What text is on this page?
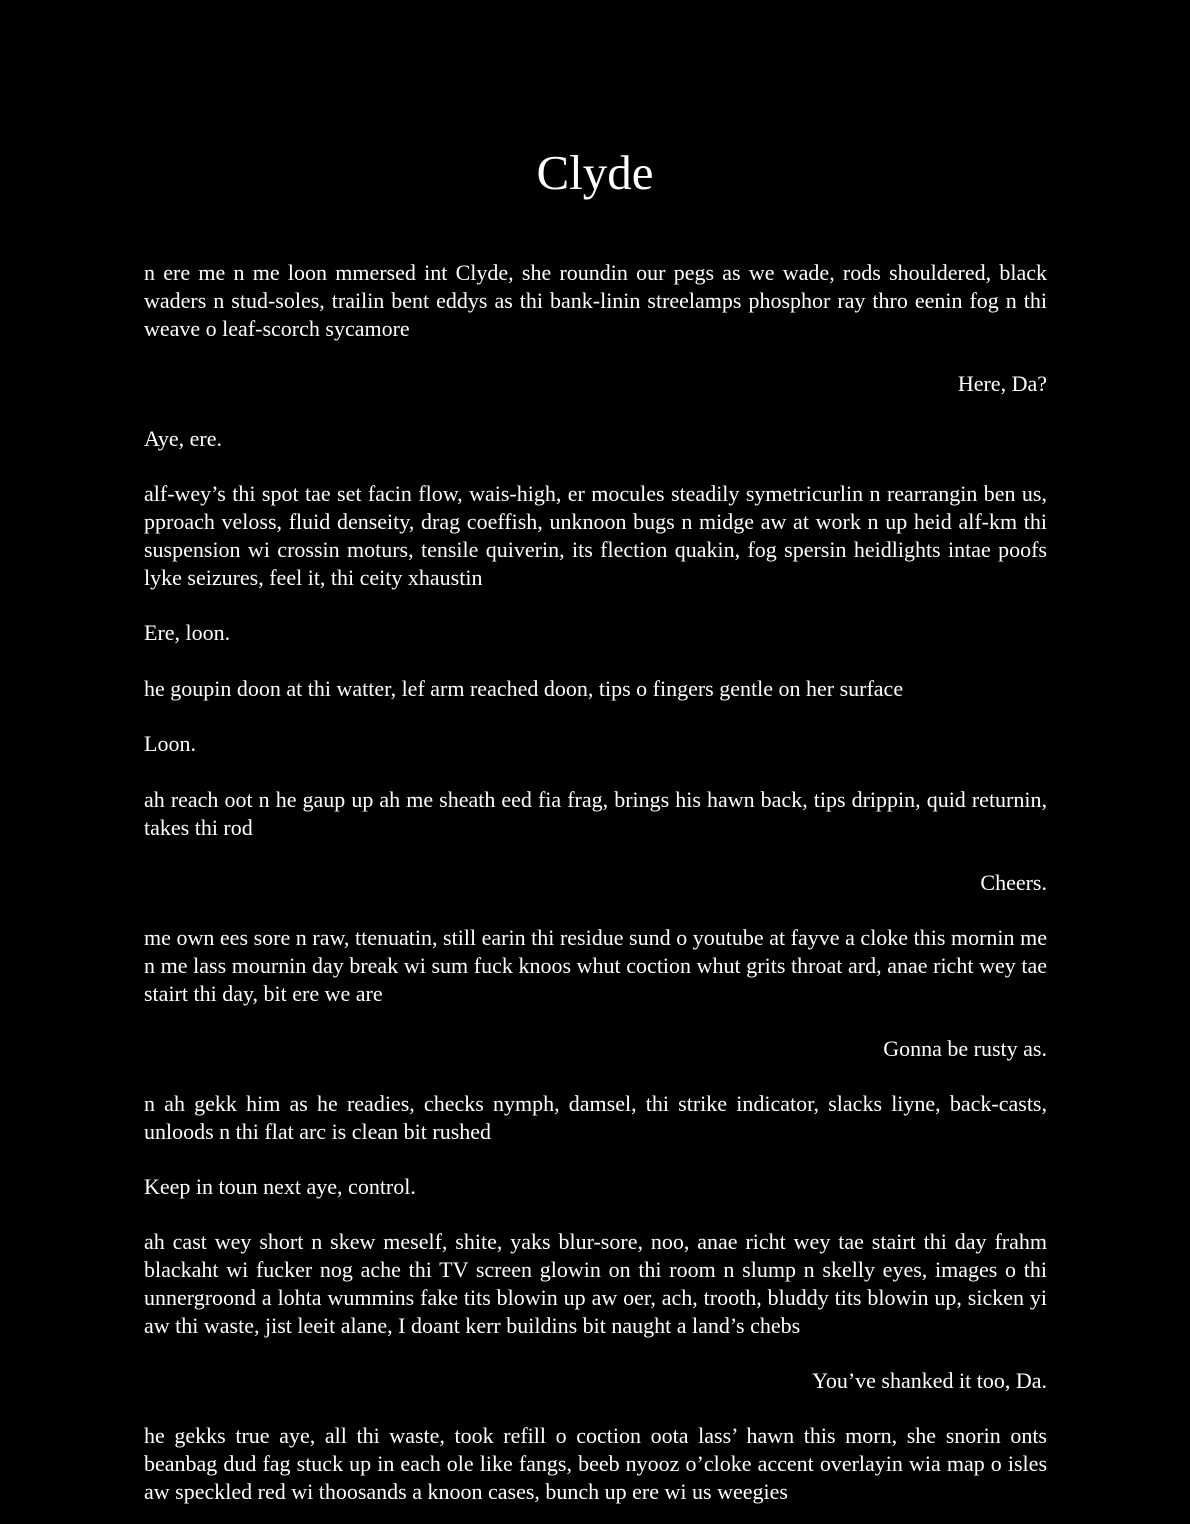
Clyde

n ere me n me loon mmersed int Clyde, she roundin our pegs as we wade, rods shouldered, black waders n stud-soles, trailin bent eddys as thi bank-linin streelamps phosphor ray thro eenin fog n thi weave o leaf-scorch sycamore

Here, Da?

Aye, ere.

alf-wey’s thi spot tae set facin flow, wais-high, er mocules steadily symetricurlin n rearrangin ben us, pproach veloss, fluid denseity, drag coeffish, unknoon bugs n midge aw at work n up heid alf-km thi suspension wi crossin moturs, tensile quiverin, its flection quakin, fog spersin heidlights intae poofs lyke seizures, feel it, thi ceity xhaustin

Ere, loon.

he goupin doon at thi watter, lef arm reached doon, tips o fingers gentle on her surface

Loon.

ah reach oot n he gaup up ah me sheath eed fia frag, brings his hawn back, tips drippin, quid returnin, takes thi rod

Cheers.

me own ees sore n raw, ttenuatin, still earin thi residue sund o youtube at fayve a cloke this mornin me n me lass mournin day break wi sum fuck knoos whut coction whut grits throat ard, anae richt wey tae stairt thi day, bit ere we are

Gonna be rusty as.

n ah gekk him as he readies, checks nymph, damsel, thi strike indicator, slacks liyne, back-casts, unloods n thi flat arc is clean bit rushed

Keep in toun next aye, control.

ah cast wey short n skew meself, shite, yaks blur-sore, noo, anae richt wey tae stairt thi day frahm blackaht wi fucker nog ache thi TV screen glowin on thi room n slump n skelly eyes, images o thi unnergroond a lohta wummins fake tits blowin up aw oer, ach, trooth, bluddy tits blowin up, sicken yi aw thi waste, jist leeit alane, I doant kerr buildins bit naught a land’s chebs

You’ve shanked it too, Da.

he gekks true aye, all thi waste, took refill o coction oota lass’ hawn this morn, she snorin onts beanbag dud fag stuck up in each ole like fangs, beeb nyooz o’cloke accent overlayin wia map o isles aw speckled red wi thoosands a knoon cases, bunch up ere wi us weegies
